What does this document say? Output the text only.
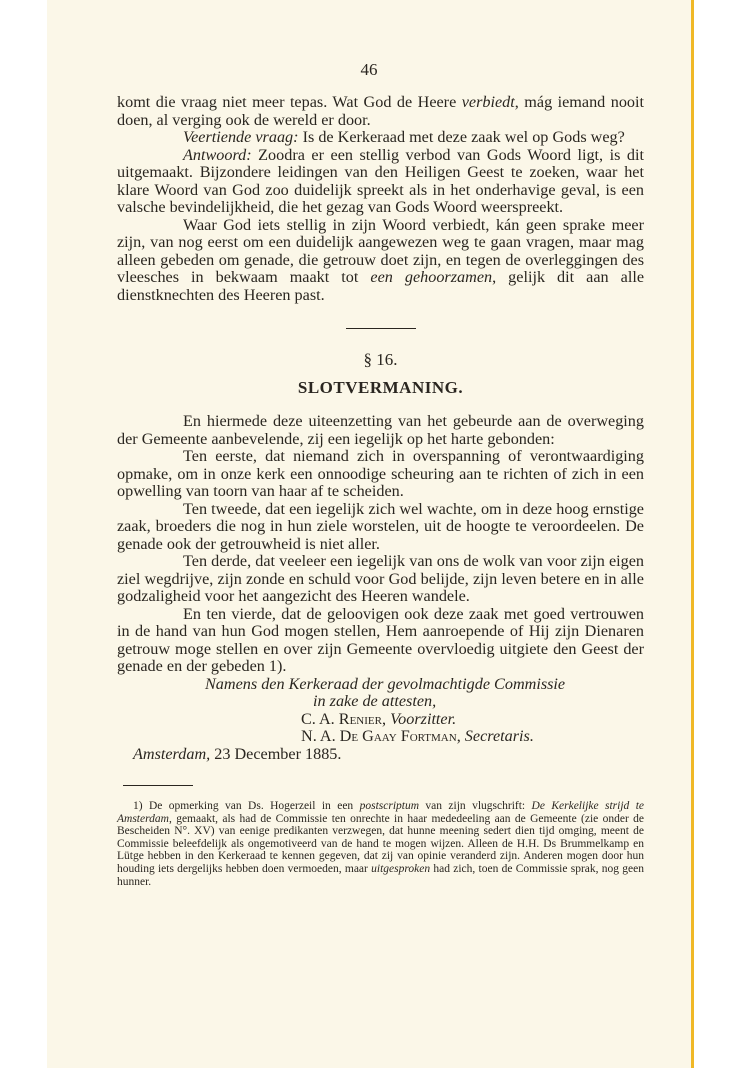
46

komt die vraag niet meer tepas. Wat God de Heere verbiedt, mág iemand nooit doen, al verging ook de wereld er door.

Veertiende vraag: Is de Kerkeraad met deze zaak wel op Gods weg?

Antwoord: Zoodra er een stellig verbod van Gods Woord ligt, is dit uitgemaakt. Bijzondere leidingen van den Heiligen Geest te zoeken, waar het klare Woord van God zoo duidelijk spreekt als in het onderhavige geval, is een valsche bevindelijkheid, die het gezag van Gods Woord weerspreekt.

Waar God iets stellig in zijn Woord verbiedt, kán geen sprake meer zijn, van nog eerst om een duidelijk aangewezen weg te gaan vragen, maar mag alleen gebeden om genade, die getrouw doet zijn, en tegen de overleggingen des vleesches in bekwaam maakt tot een gehoorzamen, gelijk dit aan alle dienstknechten des Heeren past.

§ 16.

SLOTVERMANING.

En hiermede deze uiteenzetting van het gebeurde aan de overweging der Gemeente aanbevelende, zij een iegelijk op het harte gebonden:

Ten eerste, dat niemand zich in overspanning of verontwaardiging opmake, om in onze kerk een onnoodige scheuring aan te richten of zich in een opwelling van toorn van haar af te scheiden.

Ten tweede, dat een iegelijk zich wel wachte, om in deze hoog ernstige zaak, broeders die nog in hun ziele worstelen, uit de hoogte te veroordeelen. De genade ook der getrouwheid is niet aller.

Ten derde, dat veeleer een iegelijk van ons de wolk van voor zijn eigen ziel wegdrijve, zijn zonde en schuld voor God belijde, zijn leven betere en in alle godzaligheid voor het aangezicht des Heeren wandele.

En ten vierde, dat de geloovigen ook deze zaak met goed vertrouwen in de hand van hun God mogen stellen, Hem aanroepende of Hij zijn Dienaren getrouw moge stellen en over zijn Gemeente overvloedig uitgiete den Geest der genade en der gebeden 1).

Namens den Kerkeraad der gevolmachtigde Commissie

in zake de attesten,

C. A. Renier, Voorzitter.

N. A. De Gaay Fortman, Secretaris.

Amsterdam, 23 December 1885.

1) De opmerking van Ds. Hogerzeil in een postscriptum van zijn vlugschrift: De Kerkelijke strijd te Amsterdam, gemaakt, als had de Commissie ten onrechte in haar mededeeling aan de Gemeente (zie onder de Bescheiden N°. XV) van eenige predikanten verzwegen, dat hunne meening sedert dien tijd omging, meent de Commissie beleefdelijk als ongemotiveerd van de hand te mogen wijzen. Alleen de H.H. Ds Brummelkamp en Lütge hebben in den Kerkeraad te kennen gegeven, dat zij van opinie veranderd zijn. Anderen mogen door hun houding iets dergelijks hebben doen vermoeden, maar uitgesproken had zich, toen de Commissie sprak, nog geen hunner.
